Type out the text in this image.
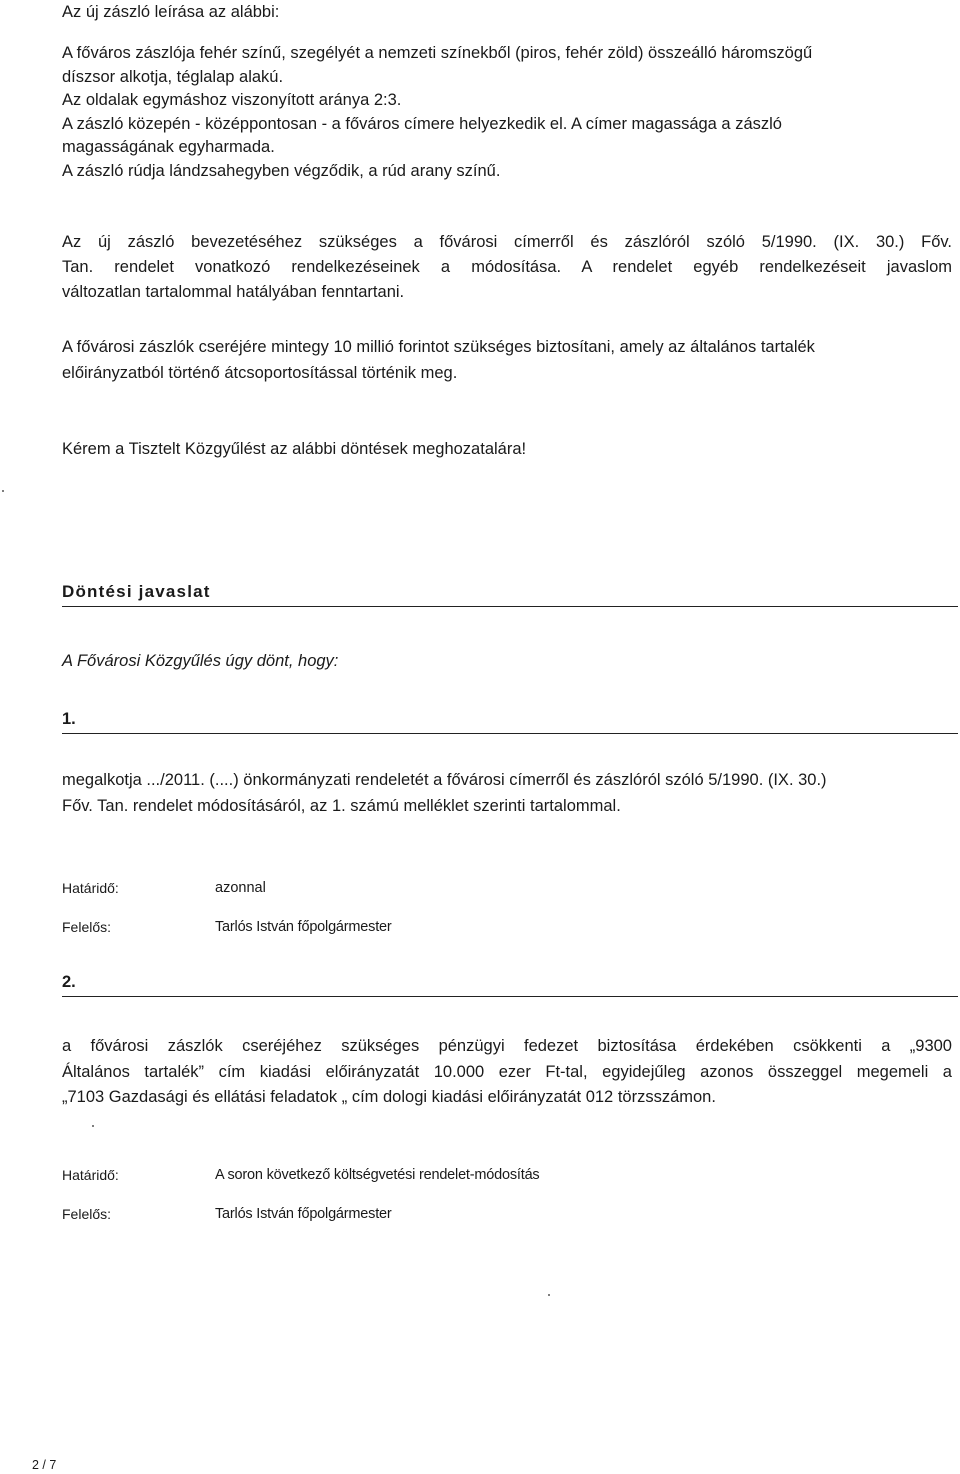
Az új zászló leírása az alábbi:

A főváros zászlója fehér színű, szegélyét a nemzeti színekből (piros, fehér zöld) összeálló háromszögű
díszsor alkotja, téglalap alakú.
Az oldalak egymáshoz viszonyított aránya 2:3.
A zászló közepén - középpontosan - a főváros címere helyezkedik el. A címer magassága a zászló
magasságának egyharmada.
A zászló rúdja lándzsahegyben végződik, a rúd arany színű.
Az új zászló bevezetéséhez szükséges a fővárosi címerről és zászlóról szóló 5/1990. (IX. 30.) Főv.
Tan. rendelet vonatkozó rendelkezéseinek a módosítása. A rendelet egyéb rendelkezéseit javaslom
változatlan tartalommal hatályában fenntartani.
A fővárosi zászlók cseréjére mintegy 10 millió forintot szükséges biztosítani, amely az általános tartalék
előirányzatból történő átcsoportosítással történik meg.

Kérem a Tisztelt Közgyűlést az alábbi döntések meghozatalára!

Döntési javaslat

A Fővárosi Közgyűlés úgy dönt, hogy:

1.

megalkotja .../2011. (....) önkormányzati rendeletét a fővárosi címerről és zászlóról szóló 5/1990. (IX. 30.)
Főv. Tan. rendelet módosításáról, az 1. számú melléklet szerinti tartalommal.

Határidő:	azonnal

Felelős:	Tarlós István főpolgármester

2.

a fővárosi zászlók cseréjéhez szükséges pénzügyi fedezet biztosítása érdekében csökkenti a „9300
Általános tartalék” cím kiadási előirányzatát 10.000 ezer Ft-tal, egyidejűleg azonos összeggel megemeli a
„7103 Gazdasági és ellátási feladatok „ cím dologi kiadási előirányzatát 012 törzsszámon.

Határidő:	A soron következő költségvetési rendelet-módosítás

Felelős:	Tarlós István főpolgármester

2 / 7
